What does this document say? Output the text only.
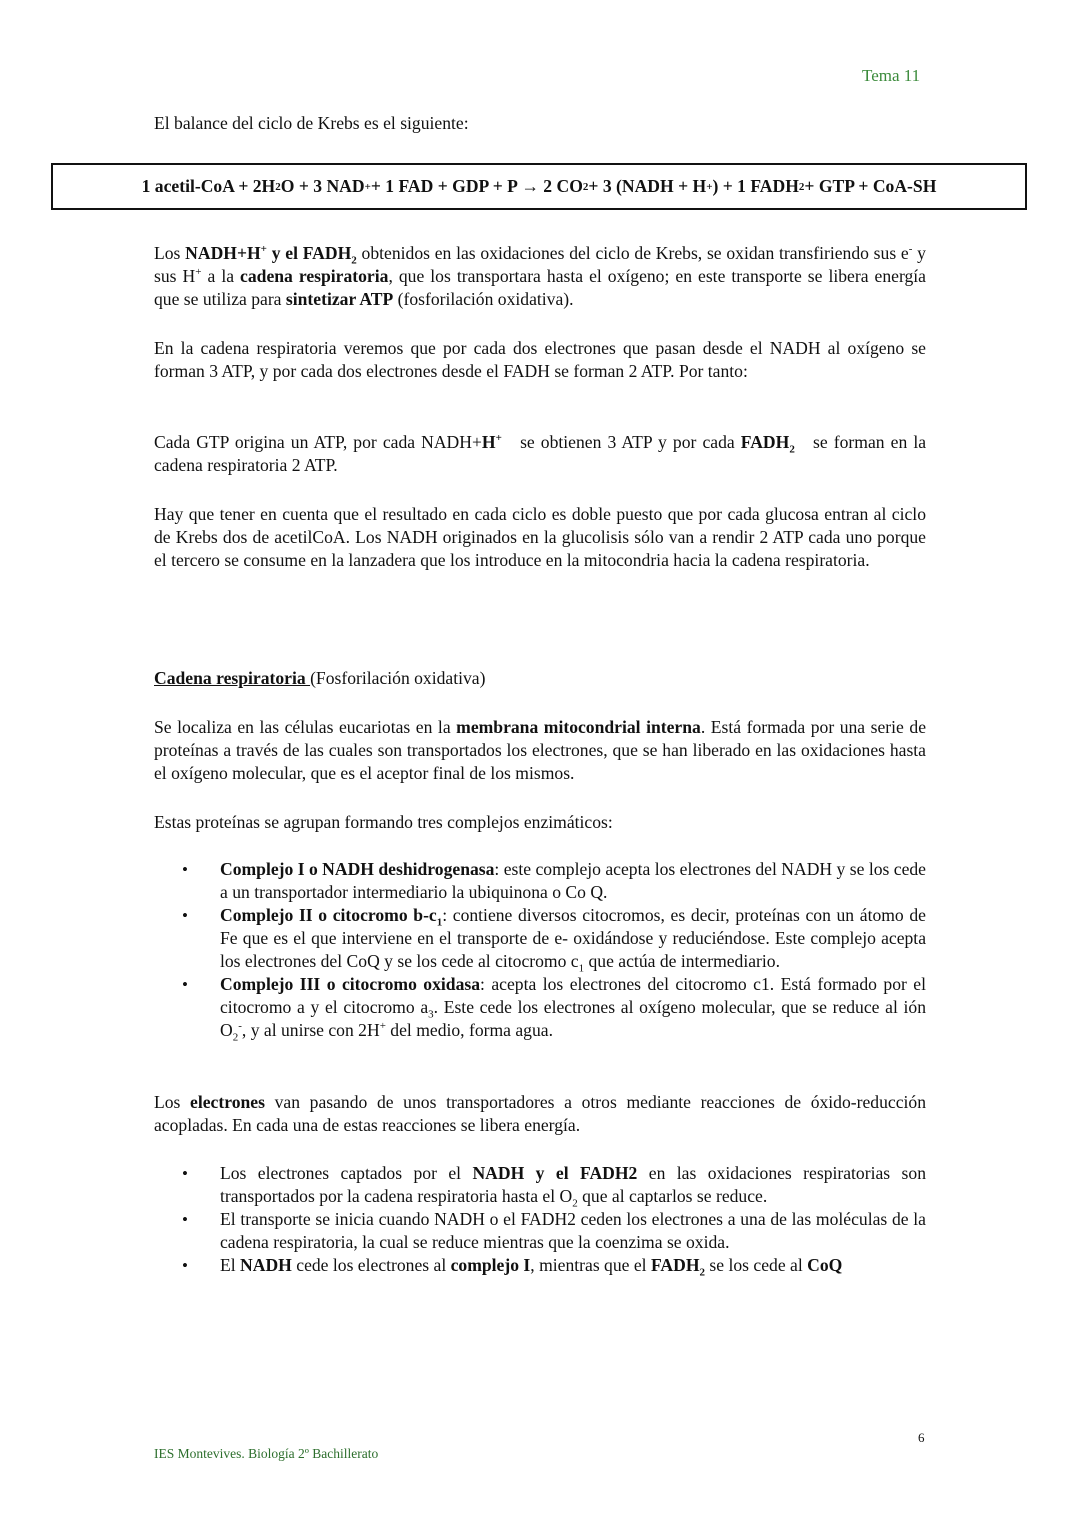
Tema 11
El balance del ciclo de Krebs es el siguiente:
1 acetil-CoA + 2H 2 O + 3 NAD + + 1 FAD + GDP + P → 2 CO 2 + 3 (NADH + H + ) + 1 FADH 2 + GTP + CoA-SH

Los NADH+H+ y el $FADH_2$ obtenidos en las oxidaciones del ciclo de Krebs, se oxidan transfiriendo sus e- y sus H+ a la cadena respiratoria, que los transportara hasta el oxígeno; en este transporte se libera energía que se utiliza para sintetizar ATP (fosforilación oxidativa).

En la cadena respiratoria veremos que por cada dos electrones que pasan desde el NADH al oxígeno se forman 3 ATP, y por cada dos electrones desde el FADH se forman 2 ATP. Por tanto:

Cada GTP origina un ATP, por cada NADH+H+   se obtienen 3 ATP y por cada $FADH_2$   se forman en la cadena respiratoria 2 ATP.

Hay que tener en cuenta que el resultado en cada ciclo es doble puesto que por cada glucosa entran al ciclo de Krebs dos de acetilCoA. Los NADH originados en la glucolisis sólo van a rendir 2 ATP cada uno porque el tercero se consume en la lanzadera que los introduce en la mitocondria hacia la cadena respiratoria.

Cadena respiratoria (Fosforilación oxidativa)

Se localiza en las células eucariotas en la membrana mitocondrial interna. Está formada por una serie de proteínas a través de las cuales son transportados los electrones, que se han liberado en las oxidaciones hasta el oxígeno molecular, que es el aceptor final de los mismos.

Estas proteínas se agrupan formando tres complejos enzimáticos:

• Complejo I o NADH deshidrogenasa: este complejo acepta los electrones del NADH y se los cede a un transportador intermediario la ubiquinona o Co Q.
• Complejo II o citocromo $b-c_1$: contiene diversos citocromos, es decir, proteínas con un átomo de Fe que es el que interviene en el transporte de e- oxidándose y reduciéndose. Este complejo acepta los electrones del CoQ y se los cede al citocromo $c_1$ que actúa de intermediario.
• Complejo III o citocromo oxidasa: acepta los electrones del citocromo c1. Está formado por el citocromo a y el citocromo $a_3$. Este cede los electrones al oxígeno molecular, que se reduce al ión $O_2^-$, y al unirse con 2H+ del medio, forma agua.

Los electrones van pasando de unos transportadores a otros mediante reacciones de óxido-reducción acopladas. En cada una de estas reacciones se libera energía.

• Los electrones captados por el NADH y el FADH2 en las oxidaciones respiratorias son transportados por la cadena respiratoria hasta el $O_2$ que al captarlos se reduce.
• El transporte se inicia cuando NADH o el FADH2 ceden los electrones a una de las moléculas de la cadena respiratoria, la cual se reduce mientras que la coenzima se oxida.
• El NADH cede los electrones al complejo I, mientras que el $FADH_2$ se los cede al CoQ
6
IES Montevives. Biología 2º Bachillerato
